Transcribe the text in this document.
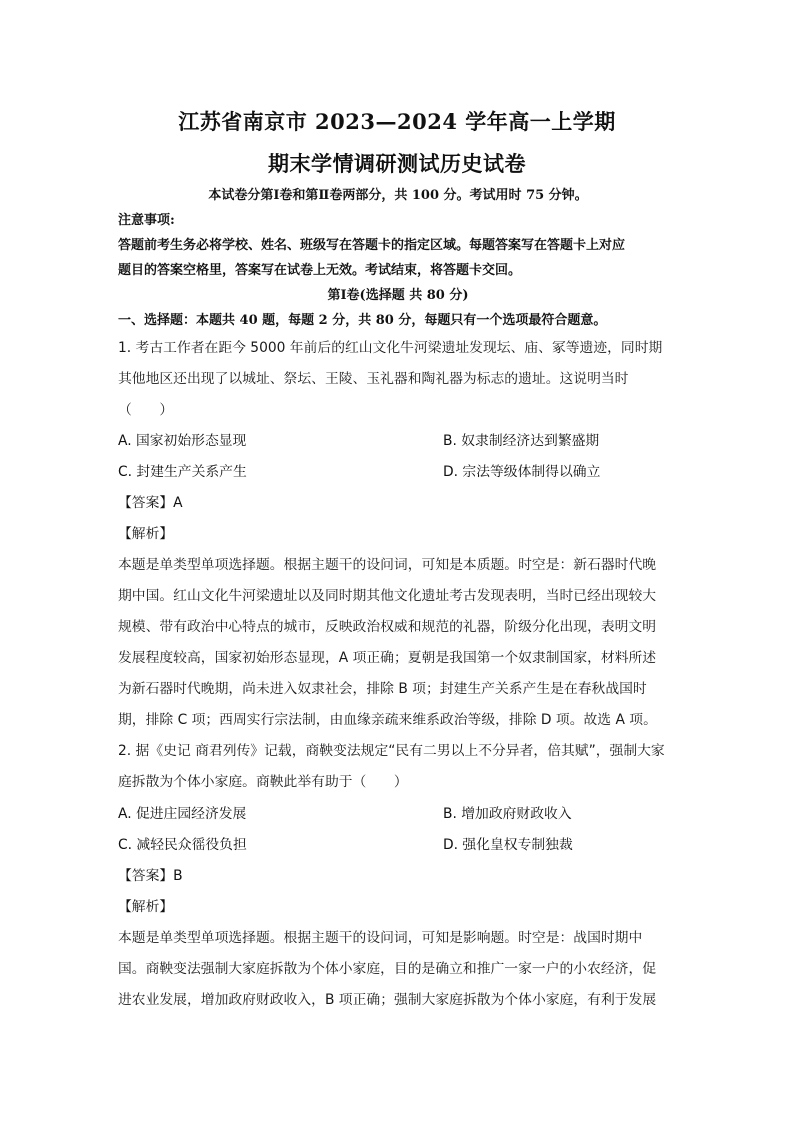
江苏省南京市 2023—2024 学年高一上学期
期末学情调研测试历史试卷
本试卷分第Ⅰ卷和第Ⅱ卷两部分，共 100 分。考试用时 75 分钟。
注意事项:
答题前考生务必将学校、姓名、班级写在答题卡的指定区域。每题答案写在答题卡上对应
题目的答案空格里，答案写在试卷上无效。考试结束，将答题卡交回。
第Ⅰ卷(选择题 共 80 分)
一、选择题：本题共 40 题，每题 2 分，共 80 分，每题只有一个选项最符合题意。
1. 考古工作者在距今 5000 年前后的红山文化牛河梁遗址发现坛、庙、冢等遗迹，同时期
其他地区还出现了以城址、祭坛、王陵、玉礼器和陶礼器为标志的遗址。这说明当时
（　　）
A. 国家初始形态显现	B. 奴隶制经济达到繁盛期
C. 封建生产关系产生	D. 宗法等级体制得以确立
【答案】A
【解析】
本题是单类型单项选择题。根据主题干的设问词，可知是本质题。时空是：新石器时代晚
期中国。红山文化牛河梁遗址以及同时期其他文化遗址考古发现表明，当时已经出现较大
规模、带有政治中心特点的城市，反映政治权威和规范的礼器，阶级分化出现，表明文明
发展程度较高，国家初始形态显现，A 项正确；夏朝是我国第一个奴隶制国家，材料所述
为新石器时代晚期，尚未进入奴隶社会，排除 B 项；封建生产关系产生是在春秋战国时
期，排除 C 项；西周实行宗法制，由血缘亲疏来维系政治等级，排除 D 项。故选 A 项。
2. 据《史记 商君列传》记载，商鞅变法规定“民有二男以上不分异者，倍其赋”，强制大家
庭拆散为个体小家庭。商鞅此举有助于（　　）
A. 促进庄园经济发展	B. 增加政府财政收入
C. 减轻民众徭役负担	D. 强化皇权专制独裁
【答案】B
【解析】
本题是单类型单项选择题。根据主题干的设问词，可知是影响题。时空是：战国时期中
国。商鞅变法强制大家庭拆散为个体小家庭，目的是确立和推广一家一户的小农经济，促
进农业发展，增加政府财政收入，B 项正确；强制大家庭拆散为个体小家庭，有利于发展
